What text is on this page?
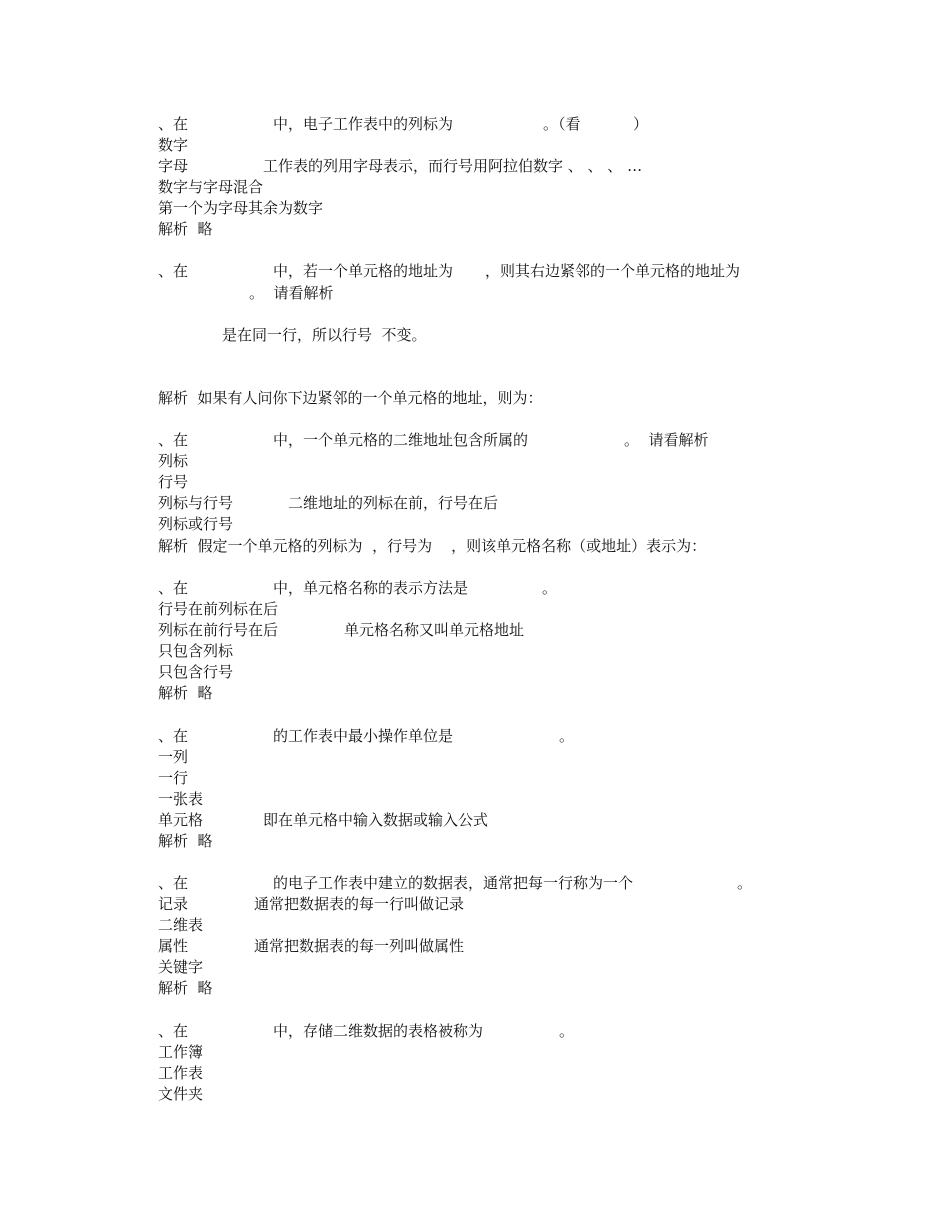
、在	中，电子工作表中的列标为	。（看	）
数字
字母	工作表的列用字母表示，而行号用阿拉伯数字 、 、 、 …
数字与字母混合
第一个为字母其余为数字
解析  略
、在	中，若一个单元格的地址为 ，则其右边紧邻的一个单元格的地址为
。  请看解析
是在同一行，所以行号  不变。
解析  如果有人问你下边紧邻的一个单元格的地址，则为：
、在	中，一个单元格的二维地址包含所属的	。  请看解析
列标
行号
列标与行号	二维地址的列标在前，行号在后
列标或行号
解析  假定一个单元格的列标为  ，行号为    ，则该单元格名称（或地址）表示为：
、在	中，单元格名称的表示方法是	。
行号在前列标在后
列标在前行号在后	单元格名称又叫单元格地址
只包含列标
只包含行号
解析  略
、在	的工作表中最小操作单位是	。
一列
一行
一张表
单元格	即在单元格中输入数据或输入公式
解析  略
、在	的电子工作表中建立的数据表，通常把每一行称为一个	。
记录	通常把数据表的每一行叫做记录
二维表
属性	通常把数据表的每一列叫做属性
关键字
解析  略
、在	中，存储二维数据的表格被称为	。
工作簿
工作表
文件夹
